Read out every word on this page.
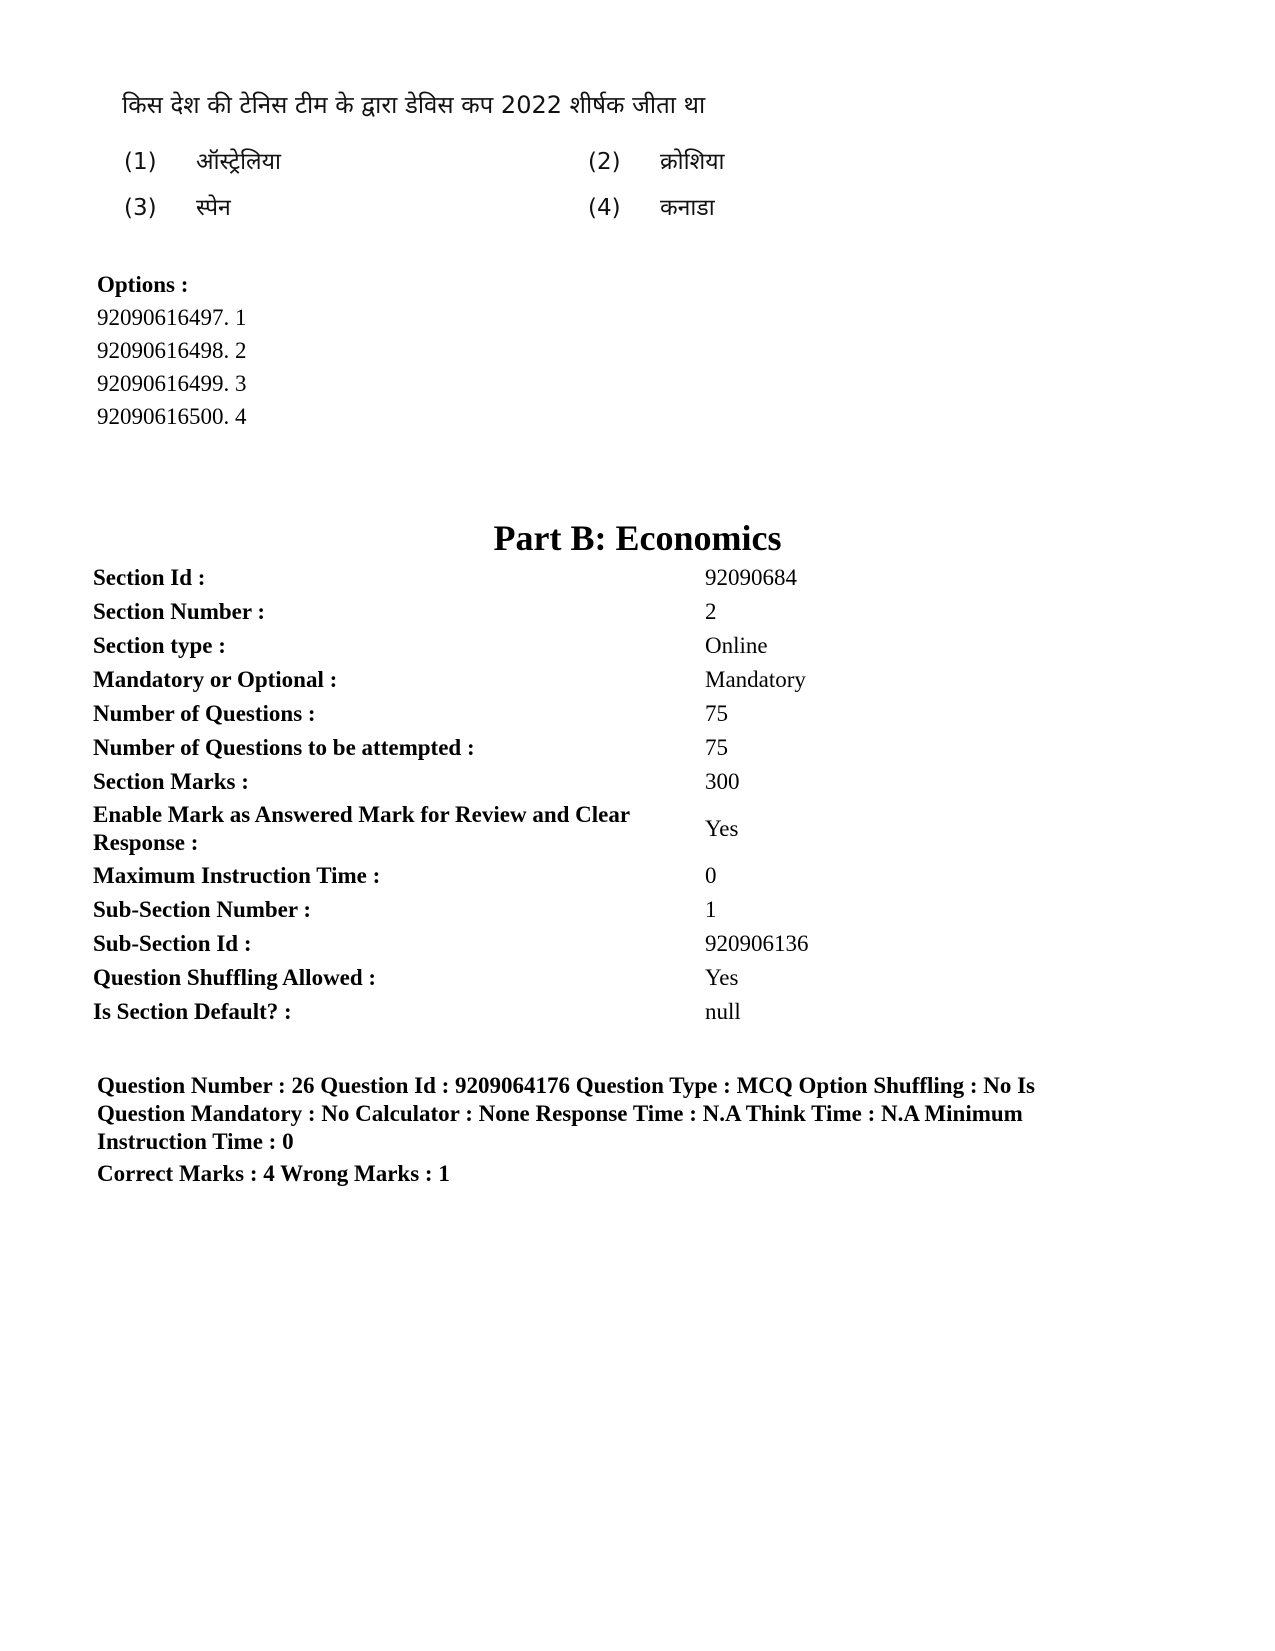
किस देश की टेनिस टीम के द्वारा डेविस कप 2022 शीर्षक जीता था
(1) ऑस्ट्रेलिया	(2) क्रोशिया
(3) स्पेन	(4) कनाडा
Options :
92090616497. 1
92090616498. 2
92090616499. 3
92090616500. 4
Part B: Economics
Section Id :	92090684
Section Number :	2
Section type :	Online
Mandatory or Optional :	Mandatory
Number of Questions :	75
Number of Questions to be attempted :	75
Section Marks :	300
Enable Mark as Answered Mark for Review and Clear Response :
Yes
Maximum Instruction Time :	0
Sub-Section Number :	1
Sub-Section Id :	920906136
Question Shuffling Allowed :	Yes
Is Section Default? :	null
Question Number : 26 Question Id : 9209064176 Question Type : MCQ Option Shuffling : No Is Question Mandatory : No Calculator : None Response Time : N.A Think Time : N.A Minimum Instruction Time : 0
Correct Marks : 4 Wrong Marks : 1
